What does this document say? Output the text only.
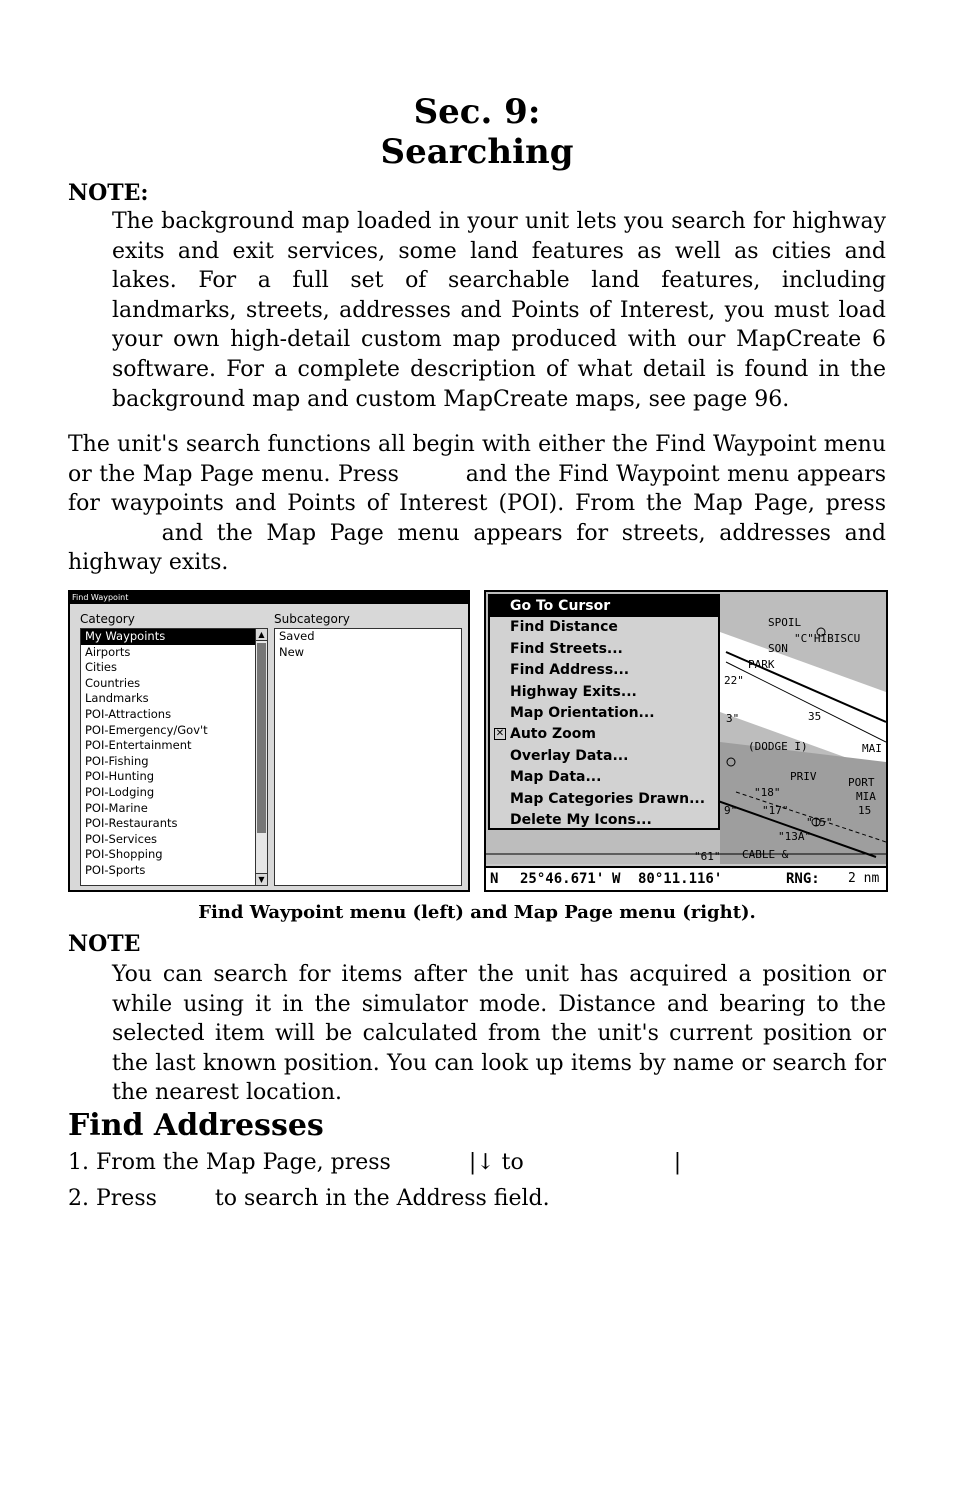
Sec. 9:
Searching
NOTE:
The background map loaded in your unit lets you search for highway exits and exit services, some land features as well as cities and lakes. For a full set of searchable land features, including landmarks, streets, addresses and Points of Interest, you must load your own high-detail custom map produced with our MapCreate 6 software. For a complete description of what detail is found in the background map and custom MapCreate maps, see page 96.
The unit's search functions all begin with either the Find Waypoint menu or the Map Page menu. Press	and the Find Waypoint menu appears for waypoints and Points of Interest (POI). From the Map Page, press  and the Map Page menu appears for streets, addresses and highway exits.
Find Waypoint
Category	Subcategory
My Waypoints
Airports
Cities
Countries
Landmarks
POI-Attractions
POI-Emergency/Gov't
POI-Entertainment
POI-Fishing
POI-Hunting
POI-Lodging
POI-Marine
POI-Restaurants
POI-Services
POI-Shopping
POI-Sports
▲
▼
Saved
New
SPOIL
"C"HIBISCU
SON
PARK
22"
3"	35
(DODGE I)	MAI
PRIV	PORT
"18"	MIA
9" "17"	15
"15"
"13A"
"61" CABLE &
Go To Cursor
Find Distance
Find Streets...
Find Address...
Highway Exits...
Map Orientation...
✕ Auto Zoom
Overlay Data...
Map Data...
Map Categories Drawn...
Delete My Icons...
N 25°46.671' W 80°11.116'	RNG: 2 nm
Find Waypoint menu (left) and Map Page menu (right).
NOTE
You can search for items after the unit has acquired a position or while using it in the simulator mode. Distance and bearing to the selected item will be calculated from the unit's current position or the last known position. You can look up items by name or search for the nearest location.
Find Addresses
1. From the Map Page, press	|↓ to	|
2. Press	to search in the Address field.
